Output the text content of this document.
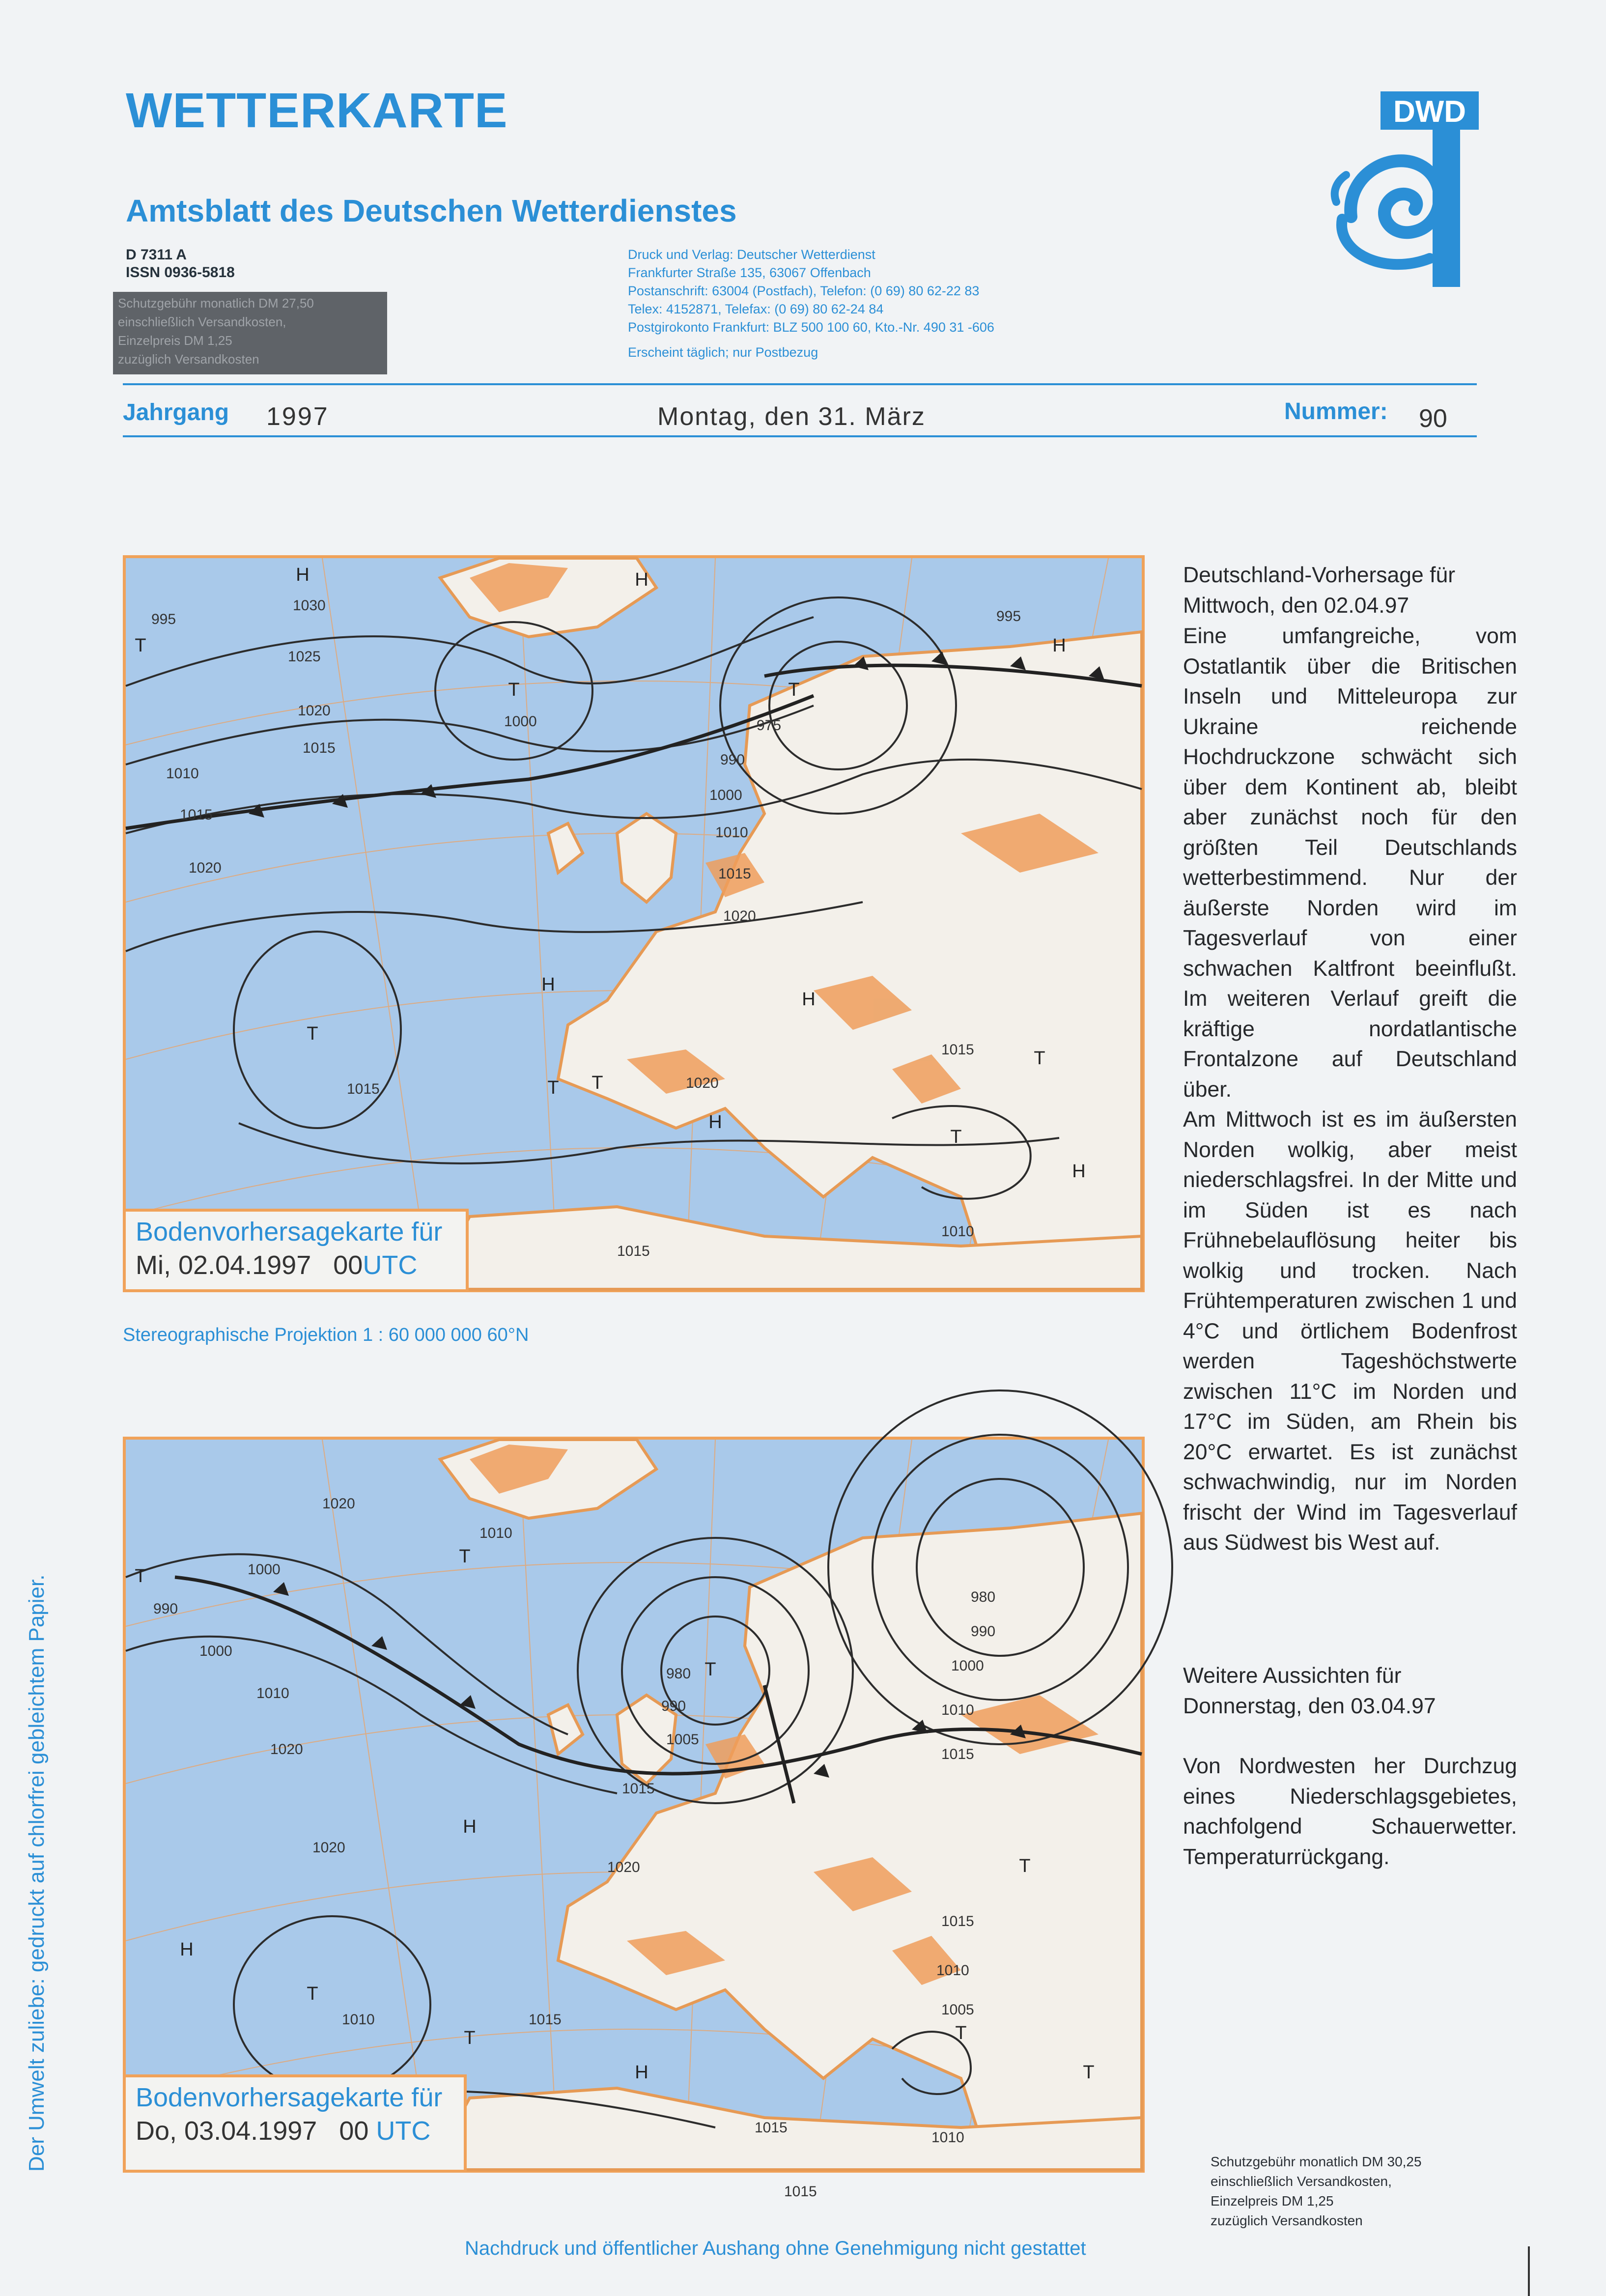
WETTERKARTE
Amtsblatt des Deutschen Wetterdienstes
D 7311 A
ISSN 0936-5818
Schutzgebühr monatlich DM 27,50
einschließlich Versandkosten,
Einzelpreis DM 1,25
zuzüglich Versandkosten
Druck und Verlag: Deutscher Wetterdienst
Frankfurter Straße 135, 63067 Offenbach
Postanschrift: 63004 (Postfach), Telefon: (0 69) 80 62-22 83
Telex: 4152871, Telefax: (0 69) 80 62-24 84
Postgirokonto Frankfurt: BLZ 500 100 60, Kto.-Nr. 490 31 -606
Erscheint täglich; nur Postbezug
DWD
Jahrgang 1997	Montag, den 31. März	Nummer: 90
H
T
H
T
H
T
H
T
T
H
H
T
H
T
T
995
1030
1025
1020
1015
1010
1015
1020
1000	975
990
1000
1010
1015
1020
995
1015
1020
1015
1010
1015
Bodenvorhersagekarte für
Mi, 02.04.1997 00UTC
Stereographische Projektion 1 : 60 000 000 60°N
T
T
H
H
T
T
H
T
T
T
T
1020
1010
1000
990
1000
1010
1020
980
990
1005
1015
1020
1010	1015
1015
1015
1010
1005
980
990
1000
1010
1015
1020
1010
1015
Bodenvorhersagekarte für
Do, 03.04.1997 00 UTC
Deutschland-Vorhersage für Mittwoch, den 02.04.97
Eine umfangreiche, vom Ostatlantik über die Britischen Inseln und Mitteleuropa zur Ukraine reichende Hochdruckzone schwächt sich über dem Kontinent ab, bleibt aber zunächst noch für den größten Teil Deutschlands wetterbestimmend. Nur der äußerste Norden wird im Tagesverlauf von einer schwachen Kaltfront beeinflußt. Im weiteren Verlauf greift die kräftige nordatlantische Frontalzone auf Deutschland über.
Am Mittwoch ist es im äußersten Norden wolkig, aber meist niederschlagsfrei. In der Mitte und im Süden ist es nach Frühnebelauflösung heiter bis wolkig und trocken. Nach Frühtemperaturen zwischen 1 und 4°C und örtlichem Bodenfrost werden Tageshöchstwerte zwischen 11°C im Norden und 17°C im Süden, am Rhein bis 20°C erwartet. Es ist zunächst schwachwindig, nur im Norden frischt der Wind im Tagesverlauf aus Südwest bis West auf.
Weitere Aussichten für Donnerstag, den 03.04.97
Von Nordwesten her Durchzug eines Niederschlagsgebietes, nachfolgend Schauerwetter. Temperaturrückgang.
Der Umwelt zuliebe: gedruckt auf chlorfrei gebleichtem Papier.	Schutzgebühr monatlich DM 30,25
einschließlich Versandkosten,
Einzelpreis DM 1,25
zuzüglich Versandkosten
Nachdruck und öffentlicher Aushang ohne Genehmigung nicht gestattet
